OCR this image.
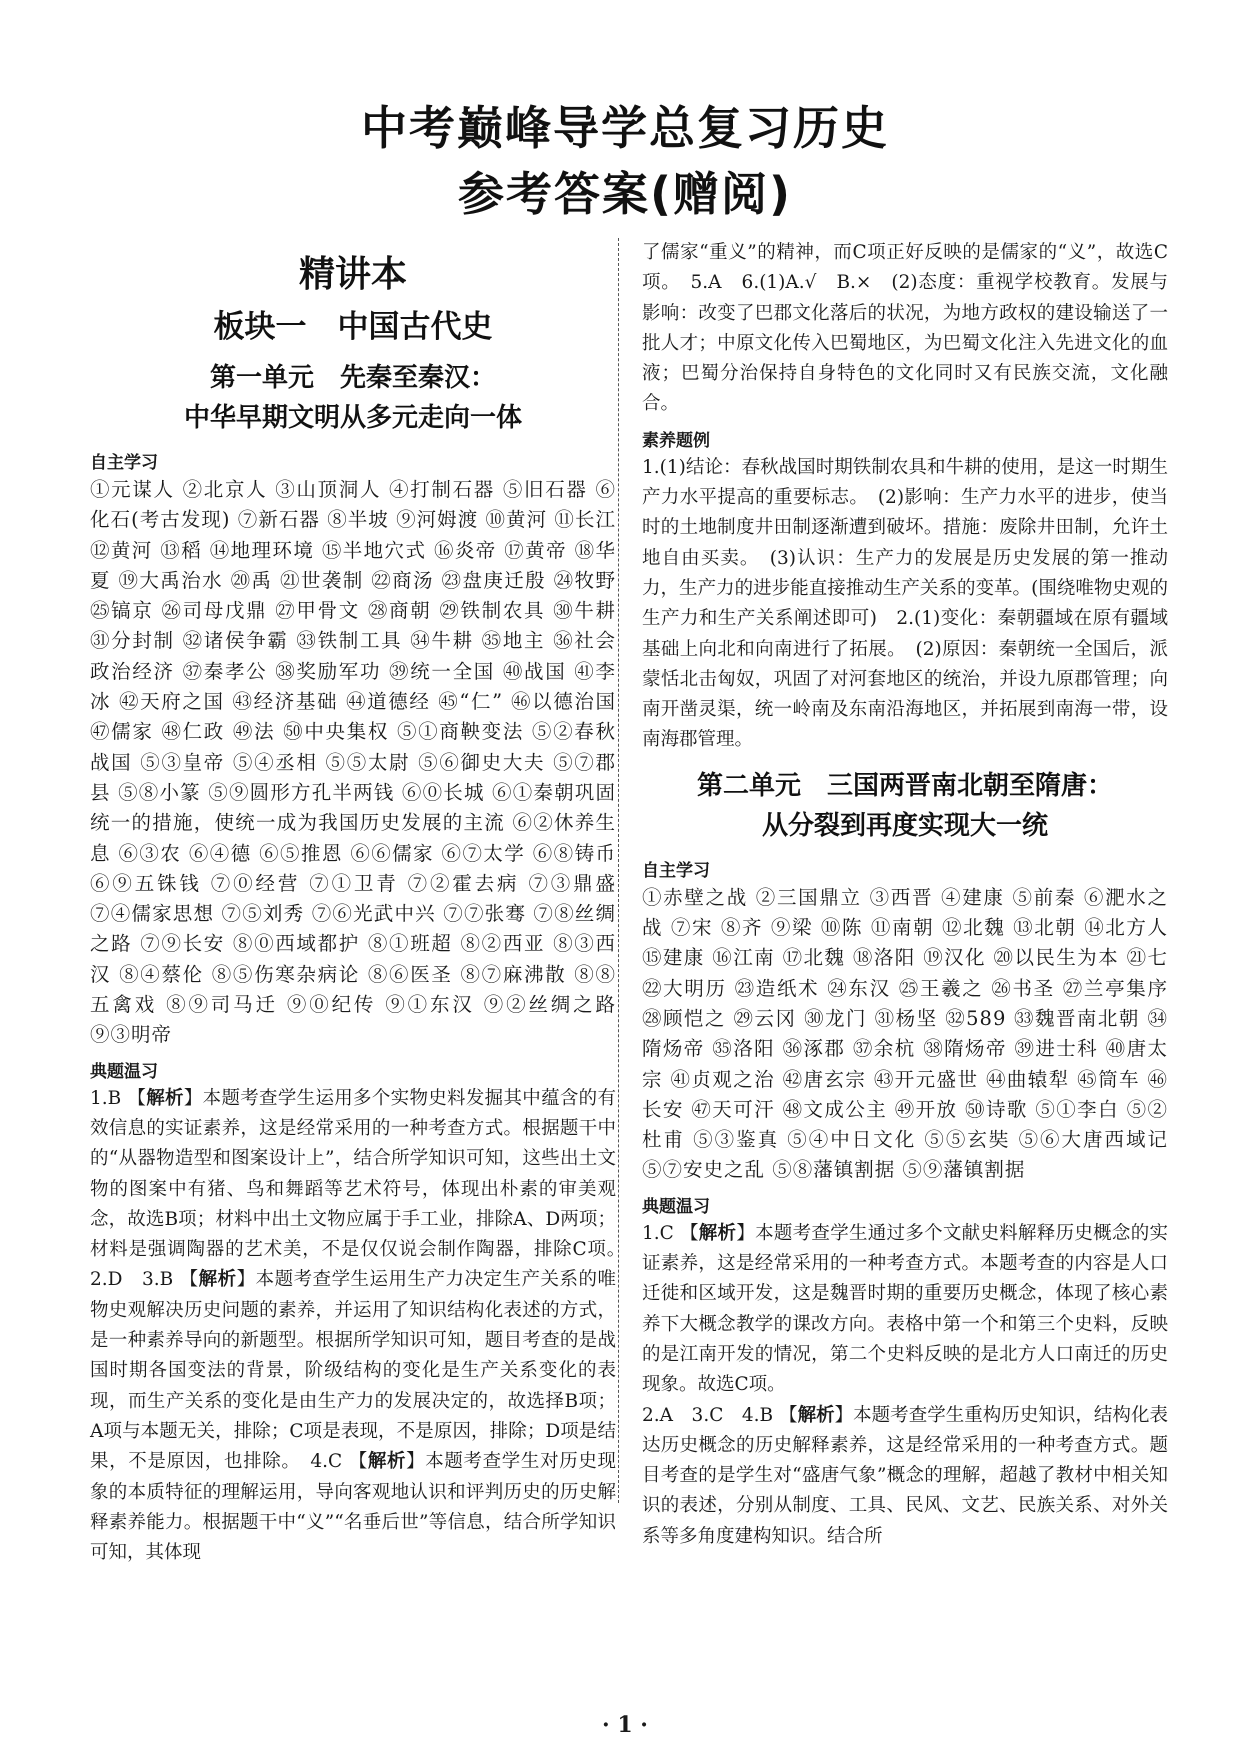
中考巅峰导学总复习历史
参考答案(赠阅)
精讲本
板块一　中国古代史
第一单元　先秦至秦汉：
中华早期文明从多元走向一体
自主学习
①元谋人 ②北京人 ③山顶洞人 ④打制石器 ⑤旧石器 ⑥化石(考古发现) ⑦新石器 ⑧半坡 ⑨河姆渡 ⑩黄河 ⑪长江 ⑫黄河 ⑬稻 ⑭地理环境 ⑮半地穴式 ⑯炎帝 ⑰黄帝 ⑱华夏 ⑲大禹治水 ⑳禹 ㉑世袭制 ㉒商汤 ㉓盘庚迁殷 ㉔牧野 ㉕镐京 ㉖司母戊鼎 ㉗甲骨文 ㉘商朝 ㉙铁制农具 ㉚牛耕 ㉛分封制 ㉜诸侯争霸 ㉝铁制工具 ㉞牛耕 ㉟地主 ㊱社会政治经济 ㊲秦孝公 ㊳奖励军功 ㊴统一全国 ㊵战国 ㊶李冰 ㊷天府之国 ㊸经济基础 ㊹道德经 ㊺“仁” ㊻以德治国 ㊼儒家 ㊽仁政 ㊾法 ㊿中央集权 ⑤①商鞅变法 ⑤②春秋战国 ⑤③皇帝 ⑤④丞相 ⑤⑤太尉 ⑤⑥御史大夫 ⑤⑦郡县 ⑤⑧小篆 ⑤⑨圆形方孔半两钱 ⑥⓪长城 ⑥①秦朝巩固统一的措施，使统一成为我国历史发展的主流 ⑥②休养生息 ⑥③农 ⑥④德 ⑥⑤推恩 ⑥⑥儒家 ⑥⑦太学 ⑥⑧铸币 ⑥⑨五铢钱 ⑦⓪经营 ⑦①卫青 ⑦②霍去病 ⑦③鼎盛 ⑦④儒家思想 ⑦⑤刘秀 ⑦⑥光武中兴 ⑦⑦张骞 ⑦⑧丝绸之路 ⑦⑨长安 ⑧⓪西域都护 ⑧①班超 ⑧②西亚 ⑧③西汉 ⑧④蔡伦 ⑧⑤伤寒杂病论 ⑧⑥医圣 ⑧⑦麻沸散 ⑧⑧五禽戏 ⑧⑨司马迁 ⑨⓪纪传 ⑨①东汉 ⑨②丝绸之路 ⑨③明帝
典题温习
1.B 【解析】本题考查学生运用多个实物史料发掘其中蕴含的有效信息的实证素养，这是经常采用的一种考查方式。根据题干中的“从器物造型和图案设计上”，结合所学知识可知，这些出土文物的图案中有猪、鸟和舞蹈等艺术符号，体现出朴素的审美观念，故选B项；材料中出土文物应属于手工业，排除A、D两项；材料是强调陶器的艺术美，不是仅仅说会制作陶器，排除C项。　2.D　3.B 【解析】本题考查学生运用生产力决定生产关系的唯物史观解决历史问题的素养，并运用了知识结构化表述的方式，是一种素养导向的新题型。根据所学知识可知，题目考查的是战国时期各国变法的背景，阶级结构的变化是生产关系变化的表现，而生产关系的变化是由生产力的发展决定的，故选择B项；A项与本题无关，排除；C项是表现，不是原因，排除；D项是结果，不是原因，也排除。　4.C 【解析】本题考查学生对历史现象的本质特征的理解运用，导向客观地认识和评判历史的历史解释素养能力。根据题干中“义”“名垂后世”等信息，结合所学知识可知，其体现
了儒家“重义”的精神，而C项正好反映的是儒家的“义”，故选C项。　5.A　6.(1)A.√　B.×　(2)态度：重视学校教育。发展与影响：改变了巴郡文化落后的状况，为地方政权的建设输送了一批人才；中原文化传入巴蜀地区，为巴蜀文化注入先进文化的血液；巴蜀分治保持自身特色的文化同时又有民族交流，文化融合。
素养题例
1.(1)结论：春秋战国时期铁制农具和牛耕的使用，是这一时期生产力水平提高的重要标志。　(2)影响：生产力水平的进步，使当时的土地制度井田制逐渐遭到破坏。措施：废除井田制，允许土地自由买卖。　(3)认识：生产力的发展是历史发展的第一推动力，生产力的进步能直接推动生产关系的变革。(围绕唯物史观的生产力和生产关系阐述即可)　2.(1)变化：秦朝疆域在原有疆域基础上向北和向南进行了拓展。　(2)原因：秦朝统一全国后，派蒙恬北击匈奴，巩固了对河套地区的统治，并设九原郡管理；向南开凿灵渠，统一岭南及东南沿海地区，并拓展到南海一带，设南海郡管理。
第二单元　三国两晋南北朝至隋唐：
从分裂到再度实现大一统
自主学习
①赤壁之战 ②三国鼎立 ③西晋 ④建康 ⑤前秦 ⑥淝水之战 ⑦宋 ⑧齐 ⑨梁 ⑩陈 ⑪南朝 ⑫北魏 ⑬北朝 ⑭北方人 ⑮建康 ⑯江南 ⑰北魏 ⑱洛阳 ⑲汉化 ⑳以民生为本 ㉑七 ㉒大明历 ㉓造纸术 ㉔东汉 ㉕王羲之 ㉖书圣 ㉗兰亭集序 ㉘顾恺之 ㉙云冈 ㉚龙门 ㉛杨坚 ㉜589 ㉝魏晋南北朝 ㉞隋炀帝 ㉟洛阳 ㊱涿郡 ㊲余杭 ㊳隋炀帝 ㊴进士科 ㊵唐太宗 ㊶贞观之治 ㊷唐玄宗 ㊸开元盛世 ㊹曲辕犁 ㊺筒车 ㊻长安 ㊼天可汗 ㊽文成公主 ㊾开放 ㊿诗歌 ⑤①李白 ⑤②杜甫 ⑤③鉴真 ⑤④中日文化 ⑤⑤玄奘 ⑤⑥大唐西域记 ⑤⑦安史之乱 ⑤⑧藩镇割据 ⑤⑨藩镇割据
典题温习
1.C 【解析】本题考查学生通过多个文献史料解释历史概念的实证素养，这是经常采用的一种考查方式。本题考查的内容是人口迁徙和区域开发，这是魏晋时期的重要历史概念，体现了核心素养下大概念教学的课改方向。表格中第一个和第三个史料，反映的是江南开发的情况，第二个史料反映的是北方人口南迁的历史现象。故选C项。
2.A　3.C　4.B 【解析】本题考查学生重构历史知识，结构化表达历史概念的历史解释素养，这是经常采用的一种考查方式。题目考查的是学生对“盛唐气象”概念的理解，超越了教材中相关知识的表述，分别从制度、工具、民风、文艺、民族关系、对外关系等多角度建构知识。结合所
· 1 ·
